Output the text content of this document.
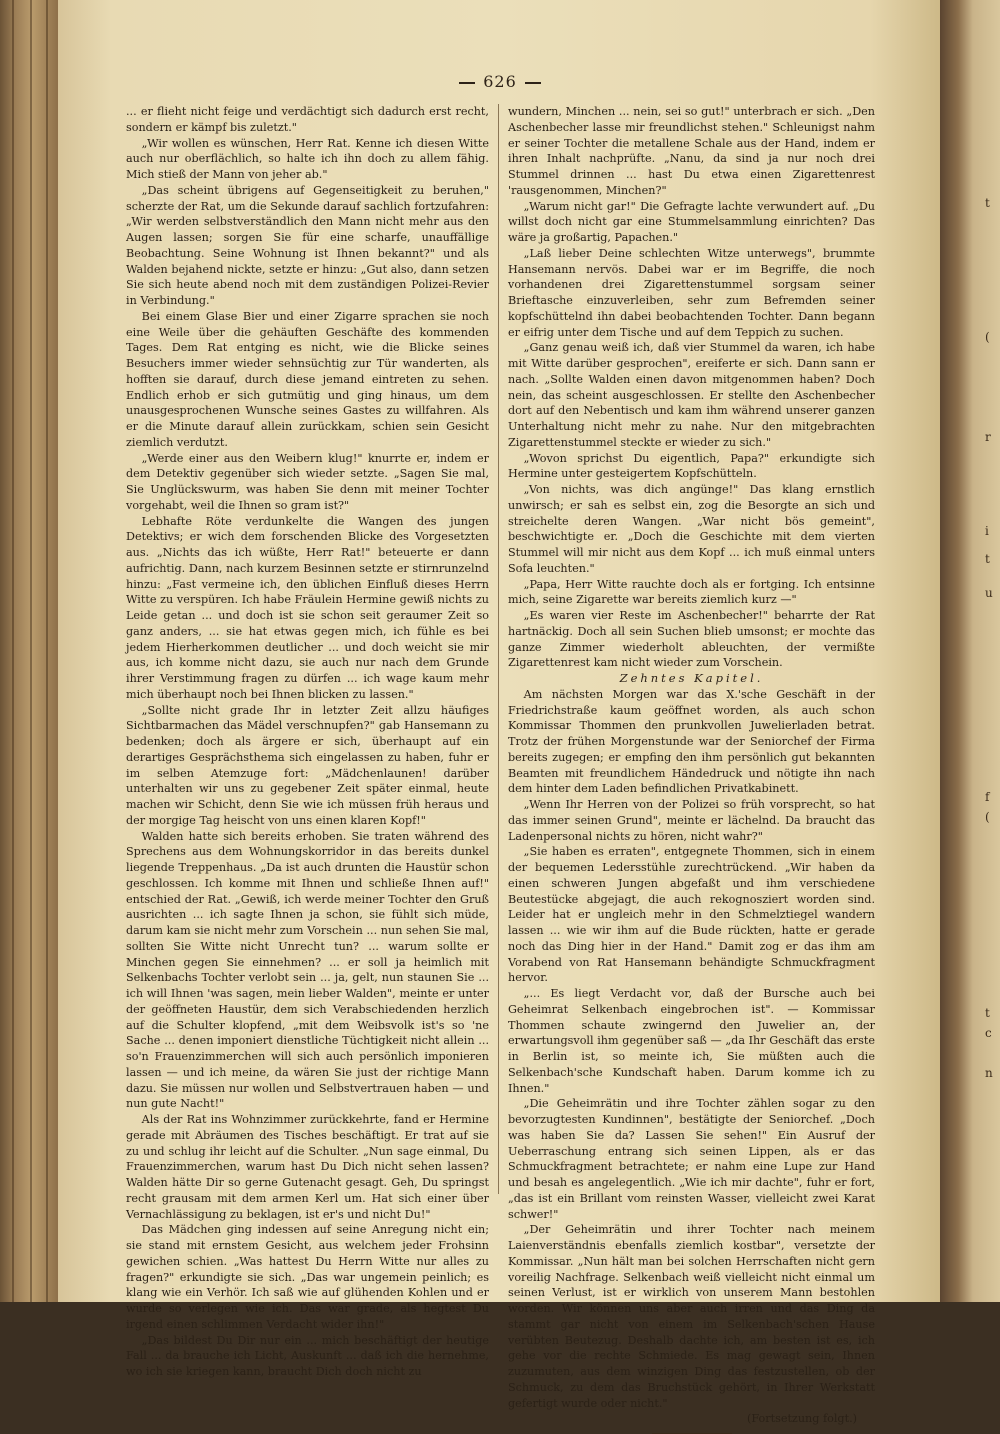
t
(
r
i
t
u
f
(
t
c
n
626

... er flieht nicht feige und verdächtigt sich dadurch erst recht, sondern er kämpf bis zuletzt."

„Wir wollen es wünschen, Herr Rat. Kenne ich diesen Witte auch nur oberflächlich, so halte ich ihn doch zu allem fähig. Mich stieß der Mann von jeher ab."

„Das scheint übrigens auf Gegenseitigkeit zu beruhen," scherzte der Rat, um die Sekunde darauf sachlich fortzufahren: „Wir werden selbstverständlich den Mann nicht mehr aus den Augen lassen; sorgen Sie für eine scharfe, unauffällige Beobachtung. Seine Wohnung ist Ihnen bekannt?" und als Walden bejahend nickte, setzte er hinzu: „Gut also, dann setzen Sie sich heute abend noch mit dem zuständigen Polizei-Revier in Verbindung."

Bei einem Glase Bier und einer Zigarre sprachen sie noch eine Weile über die gehäuften Geschäfte des kommenden Tages. Dem Rat entging es nicht, wie die Blicke seines Besuchers immer wieder sehnsüchtig zur Tür wanderten, als hofften sie darauf, durch diese jemand eintreten zu sehen. Endlich erhob er sich gutmütig und ging hinaus, um dem unausgesprochenen Wunsche seines Gastes zu willfahren. Als er die Minute darauf allein zurückkam, schien sein Gesicht ziemlich verdutzt.

„Werde einer aus den Weibern klug!" knurrte er, indem er dem Detektiv gegenüber sich wieder setzte. „Sagen Sie mal, Sie Unglückswurm, was haben Sie denn mit meiner Tochter vorgehabt, weil die Ihnen so gram ist?"

Lebhafte Röte verdunkelte die Wangen des jungen Detektivs; er wich dem forschenden Blicke des Vorgesetzten aus. „Nichts das ich wüßte, Herr Rat!" beteuerte er dann aufrichtig. Dann, nach kurzem Besinnen setzte er stirnrunzelnd hinzu: „Fast vermeine ich, den üblichen Einfluß dieses Herrn Witte zu verspüren. Ich habe Fräulein Hermine gewiß nichts zu Leide getan ... und doch ist sie schon seit geraumer Zeit so ganz anders, ... sie hat etwas gegen mich, ich fühle es bei jedem Hierherkommen deutlicher ... und doch weicht sie mir aus, ich komme nicht dazu, sie auch nur nach dem Grunde ihrer Verstimmung fragen zu dürfen ... ich wage kaum mehr mich überhaupt noch bei Ihnen blicken zu lassen."

„Sollte nicht grade Ihr in letzter Zeit allzu häufiges Sichtbarmachen das Mädel verschnupfen?" gab Hansemann zu bedenken; doch als ärgere er sich, überhaupt auf ein derartiges Gesprächsthema sich eingelassen zu haben, fuhr er im selben Atemzuge fort: „Mädchenlaunen! darüber unterhalten wir uns zu gegebener Zeit später einmal, heute machen wir Schicht, denn Sie wie ich müssen früh heraus und der morgige Tag heischt von uns einen klaren Kopf!"

Walden hatte sich bereits erhoben. Sie traten während des Sprechens aus dem Wohnungskorridor in das bereits dunkel liegende Treppenhaus. „Da ist auch drunten die Haustür schon geschlossen. Ich komme mit Ihnen und schließe Ihnen auf!" entschied der Rat. „Gewiß, ich werde meiner Tochter den Gruß ausrichten ... ich sagte Ihnen ja schon, sie fühlt sich müde, darum kam sie nicht mehr zum Vorschein ... nun sehen Sie mal, sollten Sie Witte nicht Unrecht tun? ... warum sollte er Minchen gegen Sie einnehmen? ... er soll ja heimlich mit Selkenbachs Tochter verlobt sein ... ja, gelt, nun staunen Sie ... ich will Ihnen 'was sagen, mein lieber Walden", meinte er unter der geöffneten Haustür, dem sich Verabschiedenden herzlich auf die Schulter klopfend, „mit dem Weibsvolk ist's so 'ne Sache ... denen imponiert dienstliche Tüchtigkeit nicht allein ... so'n Frauenzimmerchen will sich auch persönlich imponieren lassen — und ich meine, da wären Sie just der richtige Mann dazu. Sie müssen nur wollen und Selbstvertrauen haben — und nun gute Nacht!"

Als der Rat ins Wohnzimmer zurückkehrte, fand er Hermine gerade mit Abräumen des Tisches beschäftigt. Er trat auf sie zu und schlug ihr leicht auf die Schulter. „Nun sage einmal, Du Frauenzimmerchen, warum hast Du Dich nicht sehen lassen? Walden hätte Dir so gerne Gutenacht gesagt. Geh, Du springst recht grausam mit dem armen Kerl um. Hat sich einer über Vernachlässigung zu beklagen, ist er's und nicht Du!"

Das Mädchen ging indessen auf seine Anregung nicht ein; sie stand mit ernstem Gesicht, aus welchem jeder Frohsinn gewichen schien. „Was hattest Du Herrn Witte nur alles zu fragen?" erkundigte sie sich. „Das war ungemein peinlich; es klang wie ein Verhör. Ich saß wie auf glühenden Kohlen und er wurde so verlegen wie ich. Das war grade, als hegtest Du irgend einen schlimmen Verdacht wider ihn!"

„Das bildest Du Dir nur ein ... mich beschäftigt der heutige Fall ... da brauche ich Licht, Auskunft ... daß ich die hernehme, wo ich sie kriegen kann, braucht Dich doch nicht zu

wundern, Minchen ... nein, sei so gut!" unterbrach er sich. „Den Aschenbecher lasse mir freundlichst stehen." Schleunigst nahm er seiner Tochter die metallene Schale aus der Hand, indem er ihren Inhalt nachprüfte. „Nanu, da sind ja nur noch drei Stummel drinnen ... hast Du etwa einen Zigarettenrest 'rausgenommen, Minchen?"

„Warum nicht gar!" Die Gefragte lachte verwundert auf. „Du willst doch nicht gar eine Stummelsammlung einrichten? Das wäre ja großartig, Papachen."

„Laß lieber Deine schlechten Witze unterwegs", brummte Hansemann nervös. Dabei war er im Begriffe, die noch vorhandenen drei Zigarettenstummel sorgsam seiner Brieftasche einzuverleiben, sehr zum Befremden seiner kopfschüttelnd ihn dabei beobachtenden Tochter. Dann begann er eifrig unter dem Tische und auf dem Teppich zu suchen.

„Ganz genau weiß ich, daß vier Stummel da waren, ich habe mit Witte darüber gesprochen", ereiferte er sich. Dann sann er nach. „Sollte Walden einen davon mitgenommen haben? Doch nein, das scheint ausgeschlossen. Er stellte den Aschenbecher dort auf den Nebentisch und kam ihm während unserer ganzen Unterhaltung nicht mehr zu nahe. Nur den mitgebrachten Zigarettenstummel steckte er wieder zu sich."

„Wovon sprichst Du eigentlich, Papa?" erkundigte sich Hermine unter gesteigertem Kopfschütteln.

„Von nichts, was dich angünge!" Das klang ernstlich unwirsch; er sah es selbst ein, zog die Besorgte an sich und streichelte deren Wangen. „War nicht bös gemeint", beschwichtigte er. „Doch die Geschichte mit dem vierten Stummel will mir nicht aus dem Kopf ... ich muß einmal unters Sofa leuchten."

„Papa, Herr Witte rauchte doch als er fortging. Ich entsinne mich, seine Zigarette war bereits ziemlich kurz —"

„Es waren vier Reste im Aschenbecher!" beharrte der Rat hartnäckig. Doch all sein Suchen blieb umsonst; er mochte das ganze Zimmer wiederholt ableuchten, der vermißte Zigarettenrest kam nicht wieder zum Vorschein.

Zehntes Kapitel.

Am nächsten Morgen war das X.'sche Geschäft in der Friedrichstraße kaum geöffnet worden, als auch schon Kommissar Thommen den prunkvollen Juwelierladen betrat. Trotz der frühen Morgenstunde war der Seniorchef der Firma bereits zugegen; er empfing den ihm persönlich gut bekannten Beamten mit freundlichem Händedruck und nötigte ihn nach dem hinter dem Laden befindlichen Privatkabinett.

„Wenn Ihr Herren von der Polizei so früh vorsprecht, so hat das immer seinen Grund", meinte er lächelnd. Da braucht das Ladenpersonal nichts zu hören, nicht wahr?"

„Sie haben es erraten", entgegnete Thommen, sich in einem der bequemen Ledersstühle zurechtrückend. „Wir haben da einen schweren Jungen abgefaßt und ihm verschiedene Beutestücke abgejagt, die auch rekognosziert worden sind. Leider hat er ungleich mehr in den Schmelztiegel wandern lassen ... wie wir ihm auf die Bude rückten, hatte er gerade noch das Ding hier in der Hand." Damit zog er das ihm am Vorabend von Rat Hansemann behändigte Schmuckfragment hervor.

„... Es liegt Verdacht vor, daß der Bursche auch bei Geheimrat Selkenbach eingebrochen ist". — Kommissar Thommen schaute zwingernd den Juwelier an, der erwartungsvoll ihm gegenüber saß — „da Ihr Geschäft das erste in Berlin ist, so meinte ich, Sie müßten auch die Selkenbach'sche Kundschaft haben. Darum komme ich zu Ihnen."

„Die Geheimrätin und ihre Tochter zählen sogar zu den bevorzugtesten Kundinnen", bestätigte der Seniorchef. „Doch was haben Sie da? Lassen Sie sehen!" Ein Ausruf der Ueberraschung entrang sich seinen Lippen, als er das Schmuckfragment betrachtete; er nahm eine Lupe zur Hand und besah es angelegentlich. „Wie ich mir dachte", fuhr er fort, „das ist ein Brillant vom reinsten Wasser, vielleicht zwei Karat schwer!"

„Der Geheimrätin und ihrer Tochter nach meinem Laienverständnis ebenfalls ziemlich kostbar", versetzte der Kommissar. „Nun hält man bei solchen Herrschaften nicht gern voreilig Nachfrage. Selkenbach weiß vielleicht nicht einmal um seinen Verlust, ist er wirklich von unserem Mann bestohlen worden. Wir können uns aber auch irren und das Ding da stammt gar nicht von einem im Selkenbach'schen Hause verübten Beutezug. Deshalb dachte ich, am besten ist es, ich gehe vor die rechte Schmiede. Es mag gewagt sein, Ihnen zuzumuten, aus dem winzigen Ding das festzustellen, ob der Schmuck, zu dem das Bruchstück gehört, in Ihrer Werkstatt gefertigt wurde oder nicht."

(Fortsetzung folgt.)
